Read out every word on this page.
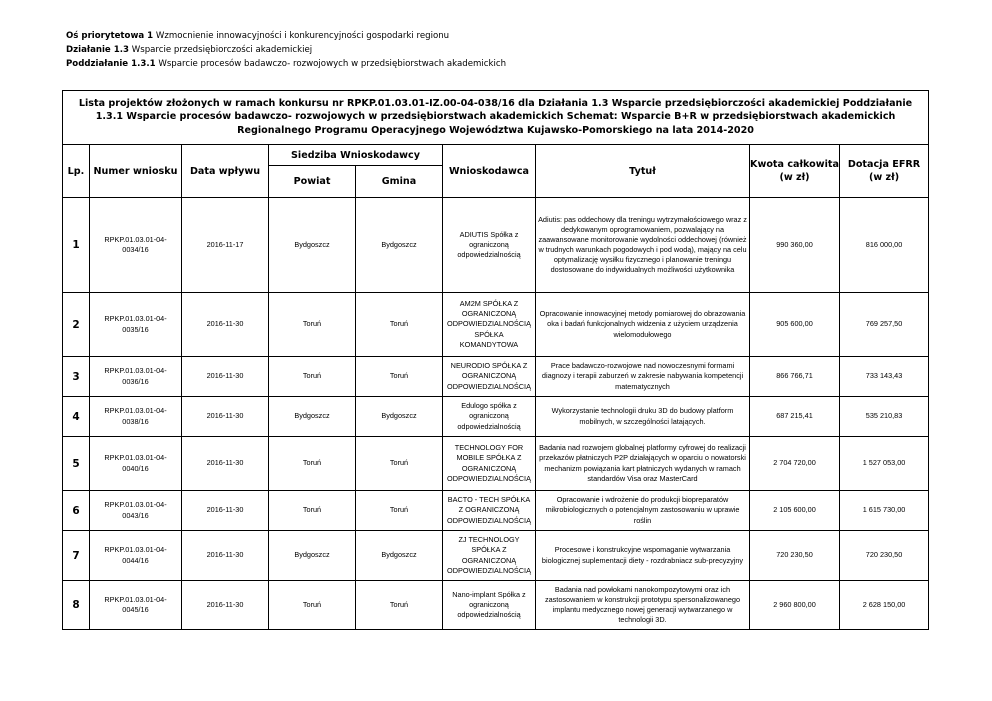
Oś priorytetowa 1 Wzmocnienie innowacyjności i konkurencyjności gospodarki regionu
Działanie 1.3 Wsparcie przedsiębiorczości akademickiej
Poddziałanie 1.3.1 Wsparcie procesów badawczo- rozwojowych w przedsiębiorstwach akademickich
Lista projektów złożonych w ramach konkursu nr RPKP.01.03.01-IZ.00-04-038/16 dla Działania 1.3 Wsparcie przedsiębiorczości akademickiej Poddziałanie 1.3.1 Wsparcie procesów badawczo- rozwojowych w przedsiębiorstwach akademickich Schemat: Wsparcie B+R w przedsiębiorstwach akademickich Regionalnego Programu Operacyjnego Województwa Kujawsko-Pomorskiego na lata 2014-2020								
Lp.	Numer wniosku	Data wpływu	Siedziba Wnioskodawcy		Wnioskodawca	Tytuł	Kwota całkowita (w zł)	Dotacja EFRR (w zł)
			Powiat	Gmina				
1	RPKP.01.03.01-04-0034/16	2016-11-17	Bydgoszcz	Bydgoszcz	ADIUTIS Spółka z ograniczoną odpowiedzialnością	Adiutis: pas oddechowy dla treningu wytrzymałościowego wraz z dedykowanym oprogramowaniem, pozwalający na zaawansowane monitorowanie wydolności oddechowej (również w trudnych warunkach pogodowych i pod wodą), mający na celu optymalizację wysiłku fizycznego i planowanie treningu dostosowane do indywidualnych możliwości użytkownika	990 360,00	816 000,00
2	RPKP.01.03.01-04-0035/16	2016-11-30	Toruń	Toruń	AM2M SPÓŁKA Z OGRANICZONĄ ODPOWIEDZIALNOŚCIĄ SPÓŁKA KOMANDYTOWA	Opracowanie innowacyjnej metody pomiarowej do obrazowania oka i badań funkcjonalnych widzenia z użyciem urządzenia wielomodułowego	905 600,00	769 257,50
3	RPKP.01.03.01-04-0036/16	2016-11-30	Toruń	Toruń	NEURODIO SPÓŁKA Z OGRANICZONĄ ODPOWIEDZIALNOŚCIĄ	Prace badawczo-rozwojowe nad nowoczesnymi formami diagnozy i terapii zaburzeń w zakresie nabywania kompetencji matematycznych	866 766,71	733 143,43
4	RPKP.01.03.01-04-0038/16	2016-11-30	Bydgoszcz	Bydgoszcz	Edulogo spółka z ograniczoną odpowiedzialnością	Wykorzystanie technologii druku 3D do budowy platform mobilnych, w szczególności latających.	687 215,41	535 210,83
5	RPKP.01.03.01-04-0040/16	2016-11-30	Toruń	Toruń	TECHNOLOGY FOR MOBILE SPÓŁKA Z OGRANICZONĄ ODPOWIEDZIALNOŚCIĄ	Badania nad rozwojem globalnej platformy cyfrowej do realizacji przekazów płatniczych P2P działających w oparciu o nowatorski mechanizm powiązania kart płatniczych wydanych w ramach standardów Visa oraz MasterCard	2 704 720,00	1 527 053,00
6	RPKP.01.03.01-04-0043/16	2016-11-30	Toruń	Toruń	BACTO - TECH SPÓŁKA Z OGRANICZONĄ ODPOWIEDZIALNOŚCIĄ	Opracowanie i wdrożenie do produkcji biopreparatów mikrobiologicznych o potencjalnym zastosowaniu w uprawie roślin	2 105 600,00	1 615 730,00
7	RPKP.01.03.01-04-0044/16	2016-11-30	Bydgoszcz	Bydgoszcz	ZJ TECHNOLOGY SPÓŁKA Z OGRANICZONĄ ODPOWIEDZIALNOŚCIĄ	Procesowe i konstrukcyjne wspomaganie wytwarzania biologicznej suplementacji diety - rozdrabniacz sub-precyzyjny	720 230,50	720 230,50
8	RPKP.01.03.01-04-0045/16	2016-11-30	Toruń	Toruń	Nano-implant Spółka z ograniczoną odpowiedzialnością	Badania nad powłokami nanokompozytowymi oraz ich zastosowaniem w konstrukcji prototypu spersonalizowanego implantu medycznego nowej generacji wytwarzanego w technologii 3D.	2 960 800,00	2 628 150,00
